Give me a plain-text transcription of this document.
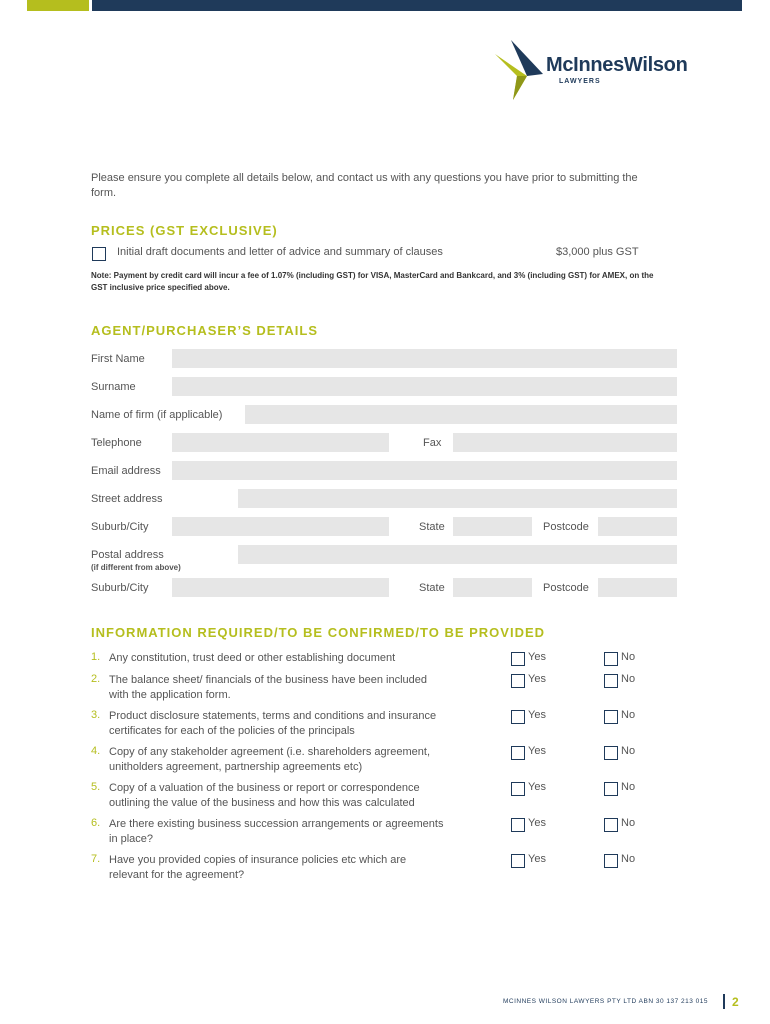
McInnesWilson
LAWYERS

Please ensure you complete all details below, and contact us with any questions you have prior to submitting the form.

PRICES (GST EXCLUSIVE)
Initial draft documents and letter of advice and summary of clauses	$3,000 plus GST

Note: Payment by credit card will incur a fee of 1.07% (including GST) for VISA, MasterCard and Bankcard, and 3% (including GST) for AMEX, on the GST inclusive price specified above.

AGENT/PURCHASER’S DETAILS
First Name
Surname
Name of firm (if applicable)
Telephone	Fax
Email address
Street address
Suburb/City	State	Postcode
Postal address
(if different from above)
Suburb/City	State	Postcode
INFORMATION REQUIRED/TO BE CONFIRMED/TO BE PROVIDED
1. Any constitution, trust deed or other establishing document	Yes	No
2. The balance sheet/ financials of the business have been included
with the application form.
Yes	No
3. Product disclosure statements, terms and conditions and insurance
certificates for each of the policies of the principals
Yes	No
4. Copy of any stakeholder agreement (i.e. shareholders agreement,
unitholders agreement, partnership agreements etc)
Yes	No
5. Copy of a valuation of the business or report or correspondence
outlining the value of the business and how this was calculated
Yes	No
6. Are there existing business succession arrangements or agreements
in place?
Yes	No
7. Have you provided copies of insurance policies etc which are
relevant for the agreement?
Yes	No
MCINNES WILSON LAWYERS PTY LTD ABN 30 137 213 015 2
